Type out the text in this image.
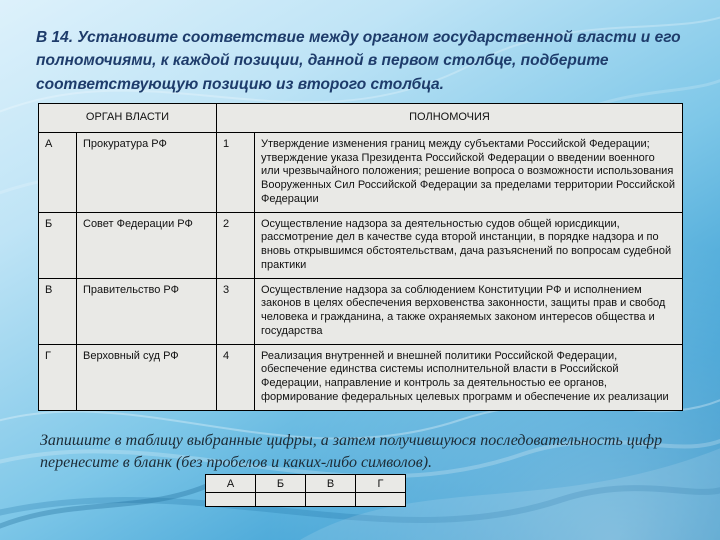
В 14. Установите соответствие между органом государственной власти и его полномочиями, к каждой позиции, данной в первом столбце, подберите соответствующую позицию из второго столбца.
ОРГАН ВЛАСТИ		ПОЛНОМОЧИЯ	
А	Прокуратура РФ	1	Утверждение изменения границ между субъектами Российской Федерации; утверждение указа Президента Российской Федерации о введении военного или чрезвычайного положения; решение вопроса о возможности использования Вооруженных Сил Российской Федерации за пределами территории Российской Федерации
Б	Совет Федерации РФ	2	Осуществление надзора за деятельностью судов общей юрисдикции, рассмотрение дел в качестве суда второй инстанции, в порядке надзора и по вновь открывшимся обстоятельствам, дача разъяснений по вопросам судебной практики
В	Правительство РФ	3	Осуществление надзора за соблюдением Конституции РФ и исполнением законов в целях обеспечения верховенства законности, защиты прав и свобод человека и гражданина, а также охраняемых законом интересов общества и государства
Г	Верховный суд РФ	4	Реализация внутренней и внешней политики Российской Федерации, обеспечение единства системы исполнительной власти в Российской Федерации, направление и контроль за деятельностью ее органов, формирование федеральных целевых программ и обеспечение их реализации
Запишите в таблицу выбранные цифры, а затем получившуюся последовательность цифр перенесите в бланк (без пробелов и каких-либо символов).
А	Б	В	Г
